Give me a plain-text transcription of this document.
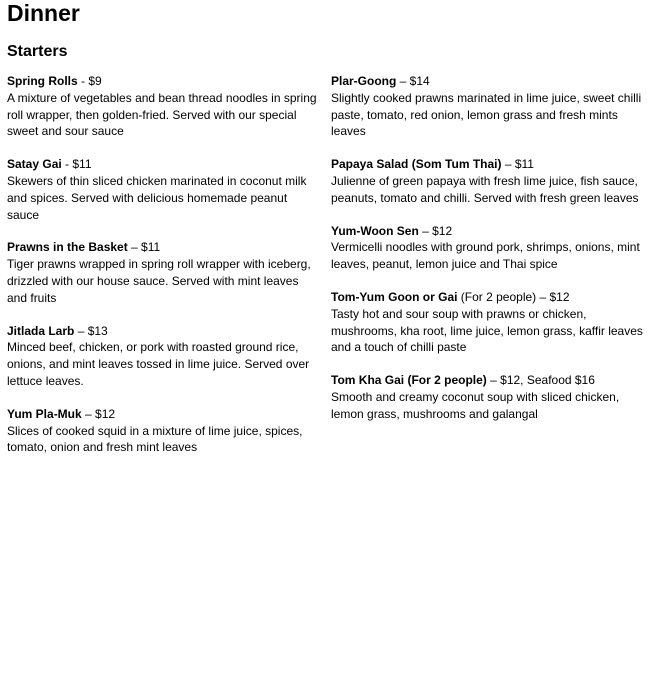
Dinner
Starters

Spring Rolls - $9

A mixture of vegetables and bean thread noodles in spring roll wrapper, then golden-fried. Served with our special sweet and sour sauce

Satay Gai - $11

Skewers of thin sliced chicken marinated in coconut milk and spices. Served with delicious homemade peanut sauce

Prawns in the Basket – $11

Tiger prawns wrapped in spring roll wrapper with iceberg, drizzled with our house sauce. Served with mint leaves and fruits

Jitlada Larb – $13

Minced beef, chicken, or pork with roasted ground rice, onions, and mint leaves tossed in lime juice. Served over lettuce leaves.

Yum Pla-Muk – $12

Slices of cooked squid in a mixture of lime juice, spices, tomato, onion and fresh mint leaves

Plar-Goong – $14

Slightly cooked prawns marinated in lime juice, sweet chilli paste, tomato, red onion, lemon grass and fresh mints leaves

Papaya Salad (Som Tum Thai) – $11

Julienne of green papaya with fresh lime juice, fish sauce, peanuts, tomato and chilli. Served with fresh green leaves

Yum-Woon Sen – $12

Vermicelli noodles with ground pork, shrimps, onions, mint leaves, peanut, lemon juice and Thai spice

Tom-Yum Goon or Gai (For 2 people) – $12

Tasty hot and sour soup with prawns or chicken, mushrooms, kha root, lime juice, lemon grass, kaffir leaves and a touch of chilli paste

Tom Kha Gai (For 2 people) – $12, Seafood $16

Smooth and creamy coconut soup with sliced chicken, lemon grass, mushrooms and galangal
